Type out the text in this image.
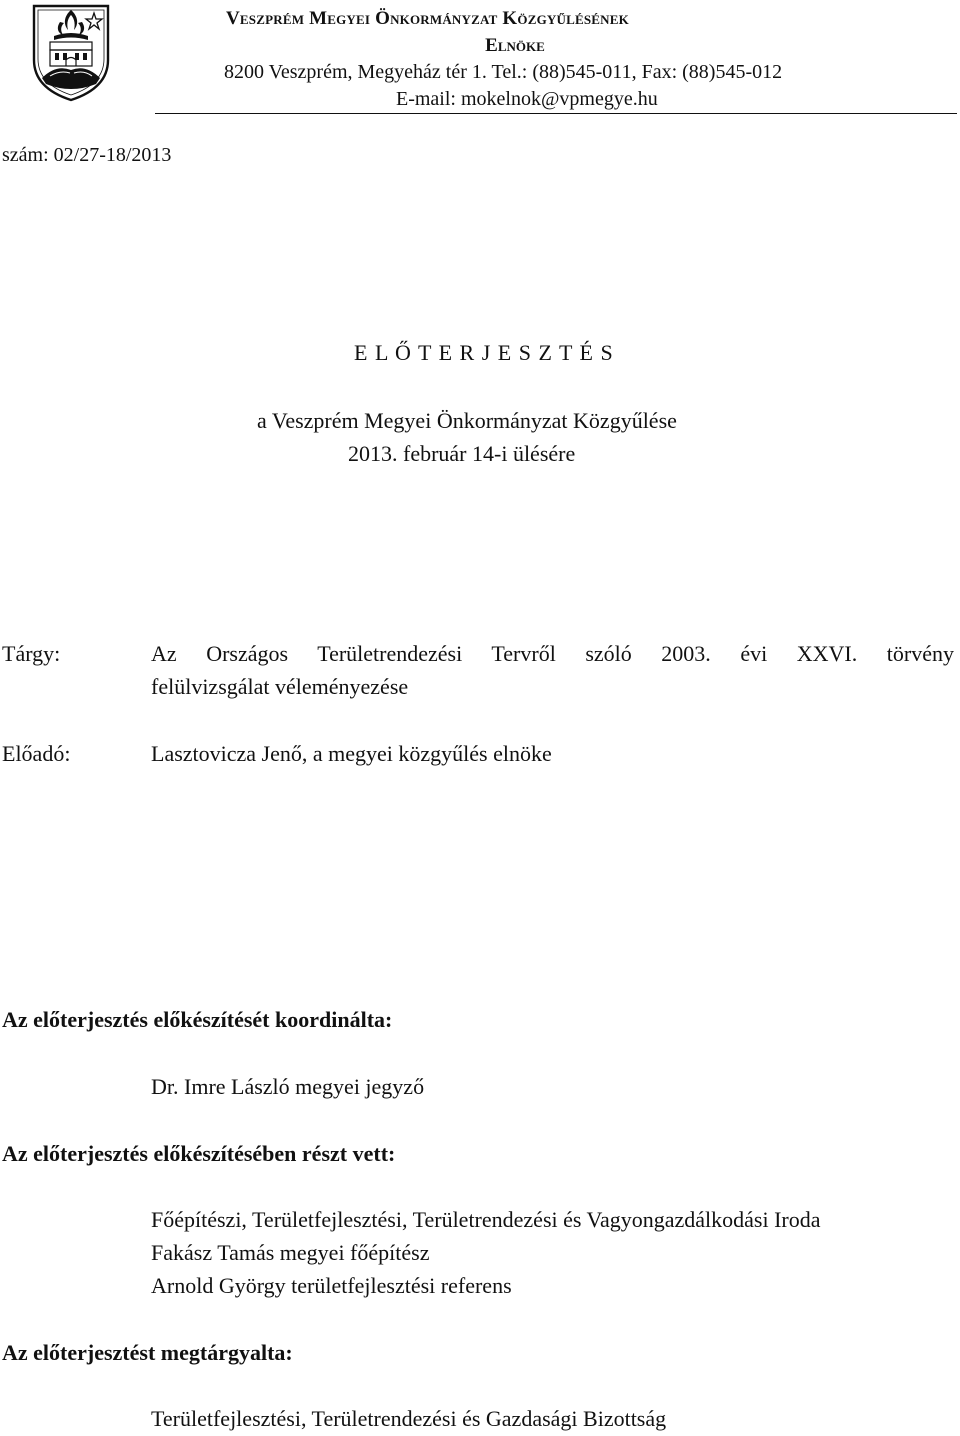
Veszprém Megyei Önkormányzat Közgyűlésének
Elnöke
8200 Veszprém, Megyeház tér 1. Tel.: (88)545-011, Fax: (88)545-012
E-mail: mokelnok@vpmegye.hu
szám: 02/27-18/2013
E L Ő T E R J E S Z T É S
a Veszprém Megyei Önkormányzat Közgyűlése
2013. február 14-i ülésére
Tárgy:	Az Országos Területrendezési Tervről szóló 2003. évi XXVI. törvény
felülvizsgálat véleményezése
Előadó:	Lasztovicza Jenő, a megyei közgyűlés elnöke
Az előterjesztés előkészítését koordinálta:
Dr. Imre László megyei jegyző
Az előterjesztés előkészítésében részt vett:
Főépítészi, Területfejlesztési, Területrendezési és Vagyongazdálkodási Iroda
Fakász Tamás megyei főépítész
Arnold György területfejlesztési referens
Az előterjesztést megtárgyalta:
Területfejlesztési, Területrendezési és Gazdasági Bizottság
